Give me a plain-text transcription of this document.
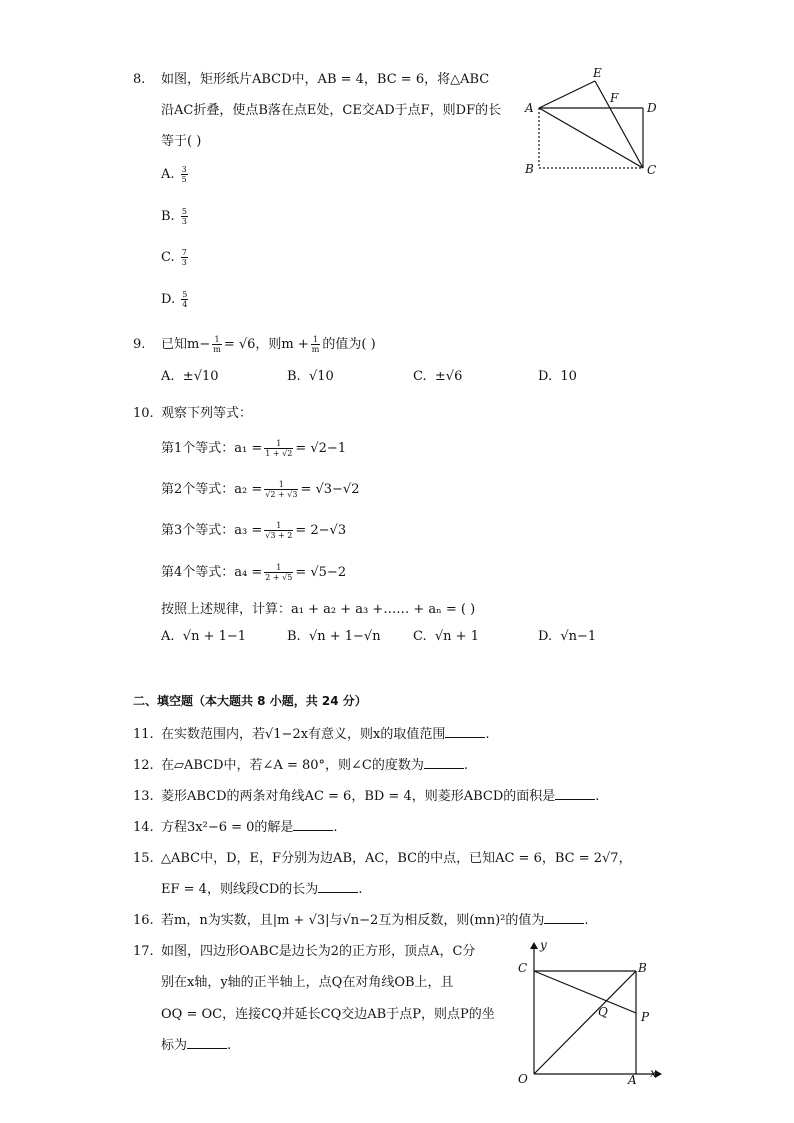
8. 如图，矩形纸片ABCD中，AB = 4，BC = 6，将△ABC
沿AC折叠，使点B落在点E处，CE交AD于点F，则DF的长
等于( )
A. $\frac{3}{5}$
B. $\frac{5}{3}$
C. $\frac{7}{3}$
D. $\frac{5}{4}$
E
F
A	D
B	C
9. 已知$m- \frac{1}{m} = √6$，则$m + \frac{1}{m}$ 的值为( )
A. ±√10	B. √10	C. ±√6	D. 10
10. 观察下列等式：
第1个等式：$a_1 = \frac{1}{1 + √2} = √2-1$
第2个等式：$a_2 = \frac{1}{√2 + √3} = √3-√2$
第3个等式：$a_3 = \frac{1}{√3 + 2} = 2-√3$
第4个等式：$a_4 = \frac{1}{2 + √5} = √5-2$
按照上述规律，计算：a₁ + a₂ + a₃ +…… + aₙ = ( )
A. √n + 1−1	B. √n + 1−√n C. √n + 1	D. √n−1
二、填空题（本大题共 8 小题，共 24 分）
11. 在实数范围内，若√1−2x有意义，则x的取值范围	.
12. 在▱ABCD中，若∠A = 80°，则∠C的度数为	.
13. 菱形ABCD的两条对角线AC = 6，BD = 4，则菱形ABCD的面积是	.
14. 方程3x²−6 = 0的解是	.
15. △ABC中，D，E，F分别为边AB，AC，BC的中点，已知AC = 6，BC = 2√7，
EF = 4，则线段CD的长为	.
16. 若m，n为实数，且|m + √3|与√n−2互为相反数，则(mn)²的值为	.
17. 如图，四边形OABC是边长为2的正方形，顶点A，C分
别在x轴，y轴的正半轴上，点Q在对角线OB上，且
OQ = OC，连接CQ并延长CQ交边AB于点P，则点P的坐
标为	.
y
x
C	B
Q	P
O	A
